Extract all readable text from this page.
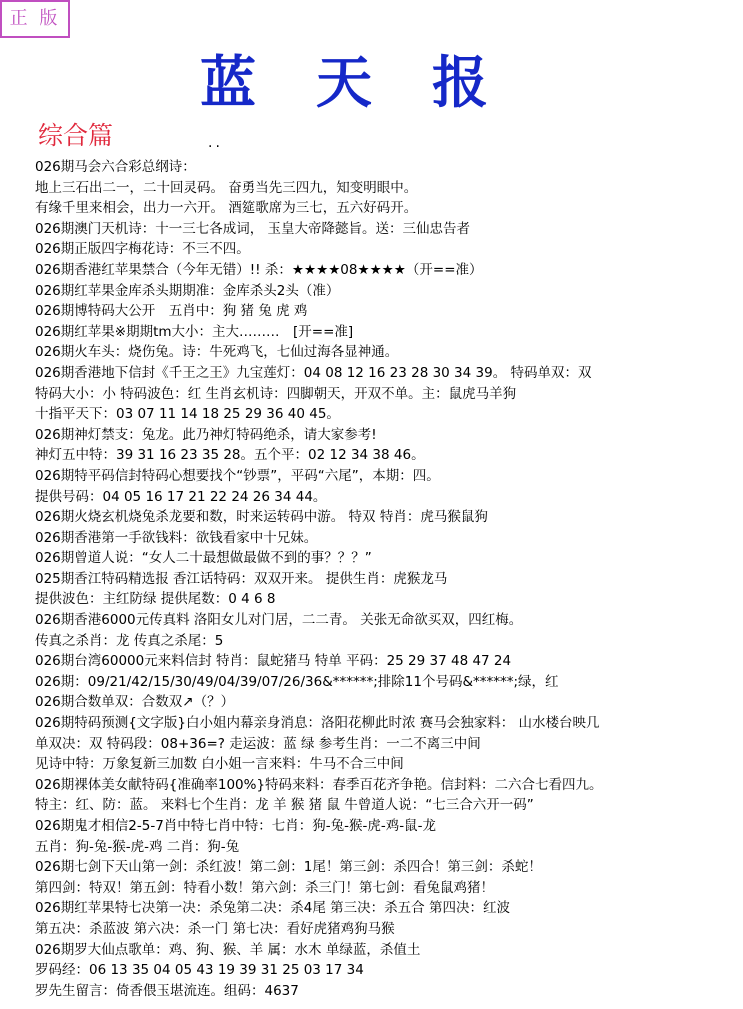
正 版
蓝天报
综合篇	..
026期马会六合彩总纲诗：
地上三石出二一，二十回灵码。 奋勇当先三四九，知变明眼中。
有缘千里来相会，出力一六开。 酒筵歌席为三七，五六好码开。
026期澳门天机诗：十一三七各成词， 玉皇大帝降懿旨。送：三仙忠告者
026期正版四字梅花诗：不三不四。
026期香港红苹果禁合（今年无错）!! 杀：★★★★08★★★★（开==准）
026期红苹果金库杀头期期准：金库杀头2头（准）
026期博特码大公开　五肖中：狗 猪 兔 虎 鸡
026期红苹果※期期tm大小：主大………　[开==准]
026期火车头：烧伤兔。诗：牛死鸡飞，七仙过海各显神通。
026期香港地下信封《千王之王》九宝莲灯：04 08 12 16 23 28 30 34 39。 特码单双：双
特码大小：小 特码波色：红 生肖玄机诗：四脚朝天，开双不单。主：鼠虎马羊狗
十指平天下：03 07 11 14 18 25 29 36 40 45。
026期神灯禁支：兔龙。此乃神灯特码绝杀，请大家参考!
神灯五中特：39 31 16 23 35 28。五个平：02 12 34 38 46。
026期特平码信封特码心想要找个“钞票”，平码“六尾”，本期：四。
提供号码：04 05 16 17 21 22 24 26 34 44。
026期火烧玄机烧兔杀龙要和数，时来运转码中游。 特双 特肖：虎马猴鼠狗
026期香港第一手欲钱料：欲钱看家中十兄妹。
026期曾道人说：“女人二十最想做最做不到的事？？？”
025期香江特码精选报 香江话特码：双双开来。 提供生肖：虎猴龙马
提供波色：主红防绿 提供尾数：0 4 6 8
026期香港6000元传真料 洛阳女儿对门居，二二青。 关张无命欲买双，四红梅。
传真之杀肖：龙 传真之杀尾：5
026期台湾60000元来料信封 特肖：鼠蛇猪马 特单 平码：25 29 37 48 47 24
026期：09/21/42/15/30/49/04/39/07/26/36&******;排除11个号码&******;绿，红
026期合数单双：合数双↗（？）
026期特码预测{文字版}白小姐内幕亲身消息：洛阳花柳此时浓 赛马会独家料： 山水楼台映几
单双决：双 特码段：08+36=? 走运波：蓝 绿 参考生肖：一二不离三中间
见诗中特：万象复新三加数 白小姐一言来料：牛马不合三中间
026期裸体美女献特码{准确率100%}特码来料：春季百花齐争艳。信封料：二六合七看四九。
特主：红、防：蓝。 来料七个生肖：龙 羊 猴 猪 鼠 牛曾道人说：“七三合六开一码”
026期鬼才相信2-5-7肖中特七肖中特：七肖：狗-兔-猴-虎-鸡-鼠-龙
五肖：狗-兔-猴-虎-鸡 二肖：狗-兔
026期七剑下天山第一剑：杀红波！第二剑：1尾！第三剑：杀四合！第三剑：杀蛇！
第四剑：特双！第五剑：特看小数！第六剑：杀三门！第七剑：看兔鼠鸡猪！
026期红苹果特七决第一决：杀兔第二决：杀4尾 第三决：杀五合 第四决：红波
第五决：杀蓝波 第六决：杀一门 第七决：看好虎猪鸡狗马猴
026期罗大仙点歌单：鸡、狗、猴、羊 属：水木 单绿蓝，杀值土
罗码经：06 13 35 04 05 43 19 39 31 25 03 17 34
罗先生留言：倚香偎玉堪流连。组码：4637
